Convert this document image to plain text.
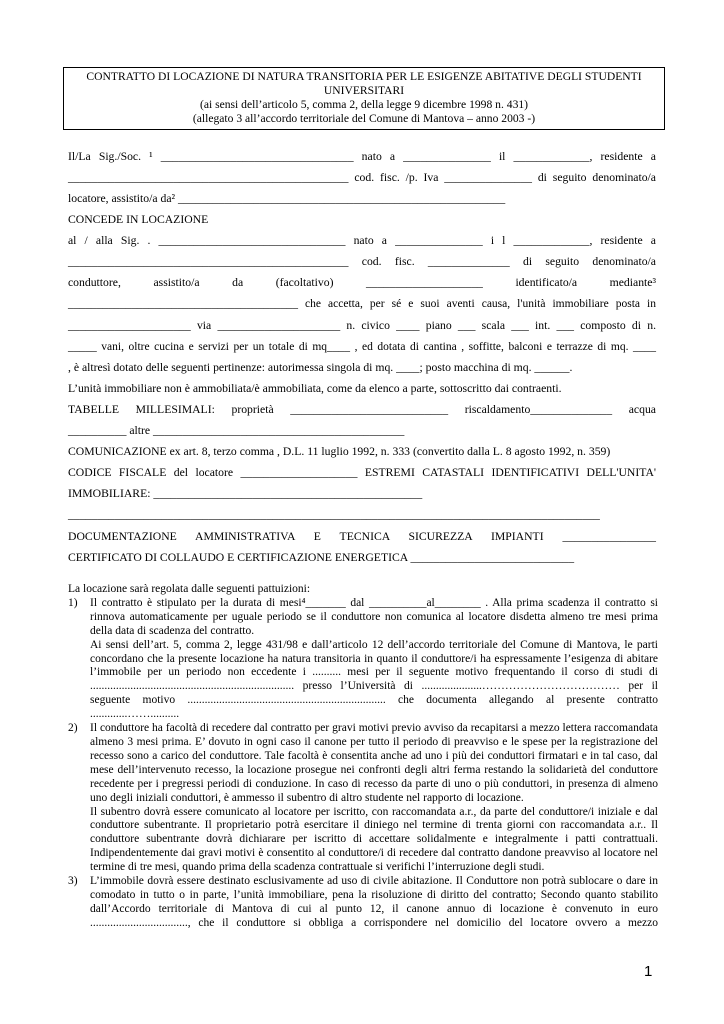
CONTRATTO DI LOCAZIONE DI NATURA TRANSITORIA PER LE ESIGENZE ABITATIVE DEGLI STUDENTI
UNIVERSITARI
(ai sensi dell’articolo 5, comma 2, della legge 9 dicembre 1998 n. 431)
(allegato 3 all’accordo territoriale del Comune di Mantova – anno 2003 -)
Il/La Sig./Soc. ¹ _________________________________ nato a _______________ il _____________, residente a
________________________________________________ cod. fisc. /p. Iva _______________ di seguito denominato/a
locatore, assistito/a da² ________________________________________________________
CONCEDE IN LOCAZIONE
al / alla Sig. . ________________________________ nato a _______________ i l _____________, residente a
________________________________________________ cod. fisc. ______________ di seguito denominato/a
conduttore, assistito/a da (facoltativo) ____________________ identificato/a mediante³
________________________________________ che accetta, per sé e suoi aventi causa, l'unità immobiliare posta in
_____________________ via _____________________ n. civico ____ piano ___ scala ___ int. ___ composto di n.
_____ vani, oltre cucina e servizi per un totale di mq____ , ed dotata di cantina , soffitte, balconi e terrazze di mq. ____
, è altresì dotato delle seguenti pertinenze: autorimessa singola di mq. ____; posto macchina di mq. ______.
L’unità immobiliare non è ammobiliata/è ammobiliata, come da elenco a parte, sottoscritto dai contraenti.
TABELLE MILLESIMALI: proprietà ___________________________ riscaldamento______________ acqua
__________ altre ___________________________________________
COMUNICAZIONE ex art. 8, terzo comma , D.L. 11 luglio 1992, n. 333 (convertito dalla L. 8 agosto 1992, n. 359)
CODICE FISCALE del locatore ____________________ ESTREMI CATASTALI IDENTIFICATIVI DELL'UNITA'
IMMOBILIARE: ______________________________________________
___________________________________________________________________________________________
DOCUMENTAZIONE AMMINISTRATIVA E TECNICA SICUREZZA IMPIANTI ________________
CERTIFICATO DI COLLAUDO E CERTIFICAZIONE ENERGETICA ____________________________

La locazione sarà regolata dalle seguenti pattuizioni:

1)	Il contratto è stipulato per la durata di mesi⁴_______ dal __________al________ . Alla prima scadenza il contratto si rinnova automaticamente per uguale periodo se il conduttore non comunica al locatore disdetta almeno tre mesi prima della data di scadenza del contratto.

Ai sensi dell’art. 5, comma 2, legge 431/98 e dall’articolo 12 dell’accordo territoriale del Comune di Mantova, le parti concordano che la presente locazione ha natura transitoria in quanto il conduttore/i ha espressamente l’esigenza di abitare l’immobile per un periodo non eccedente i .......... mesi per il seguente motivo frequentando il corso di studi di ....................................................................... presso l’Università di .....................……………………………… per il seguente motivo ..................................................................... che documenta allegando al presente contratto .............……..........

2)	Il conduttore ha facoltà di recedere dal contratto per gravi motivi previo avviso da recapitarsi a mezzo lettera raccomandata almeno 3 mesi prima. E’ dovuto in ogni caso il canone per tutto il periodo di preavviso e le spese per la registrazione del recesso sono a carico del conduttore. Tale facoltà è consentita anche ad uno i più dei conduttori firmatari e in tal caso, dal mese dell’intervenuto recesso, la locazione prosegue nei confronti degli altri ferma restando la solidarietà del conduttore recedente per i pregressi periodi di conduzione. In caso di recesso da parte di uno o più conduttori, in presenza di almeno uno degli iniziali conduttori, è ammesso il subentro di altro studente nel rapporto di locazione.

Il subentro dovrà essere comunicato al locatore per iscritto, con raccomandata a.r., da parte del conduttore/i iniziale e dal conduttore subentrante. Il proprietario potrà esercitare il diniego nel termine di trenta giorni con raccomandata a.r.. Il conduttore subentrante dovrà dichiarare per iscritto di accettare solidalmente e integralmente i patti contrattuali. Indipendentemente dai gravi motivi è consentito al conduttore/i di recedere dal contratto dandone preavviso al locatore nel termine di tre mesi, quando prima della scadenza contrattuale si verifichi l’interruzione degli studi.

3)	L’immobile dovrà essere destinato esclusivamente ad uso di civile abitazione. Il Conduttore non potrà sublocare o dare in comodato in tutto o in parte, l’unità immobiliare, pena la risoluzione di diritto del contratto; Secondo quanto stabilito dall’Accordo territoriale di Mantova di cui al punto 12, il canone annuo di locazione è convenuto in euro .................................., che il conduttore si obbliga a corrispondere nel domicilio del locatore ovvero a mezzo

1
